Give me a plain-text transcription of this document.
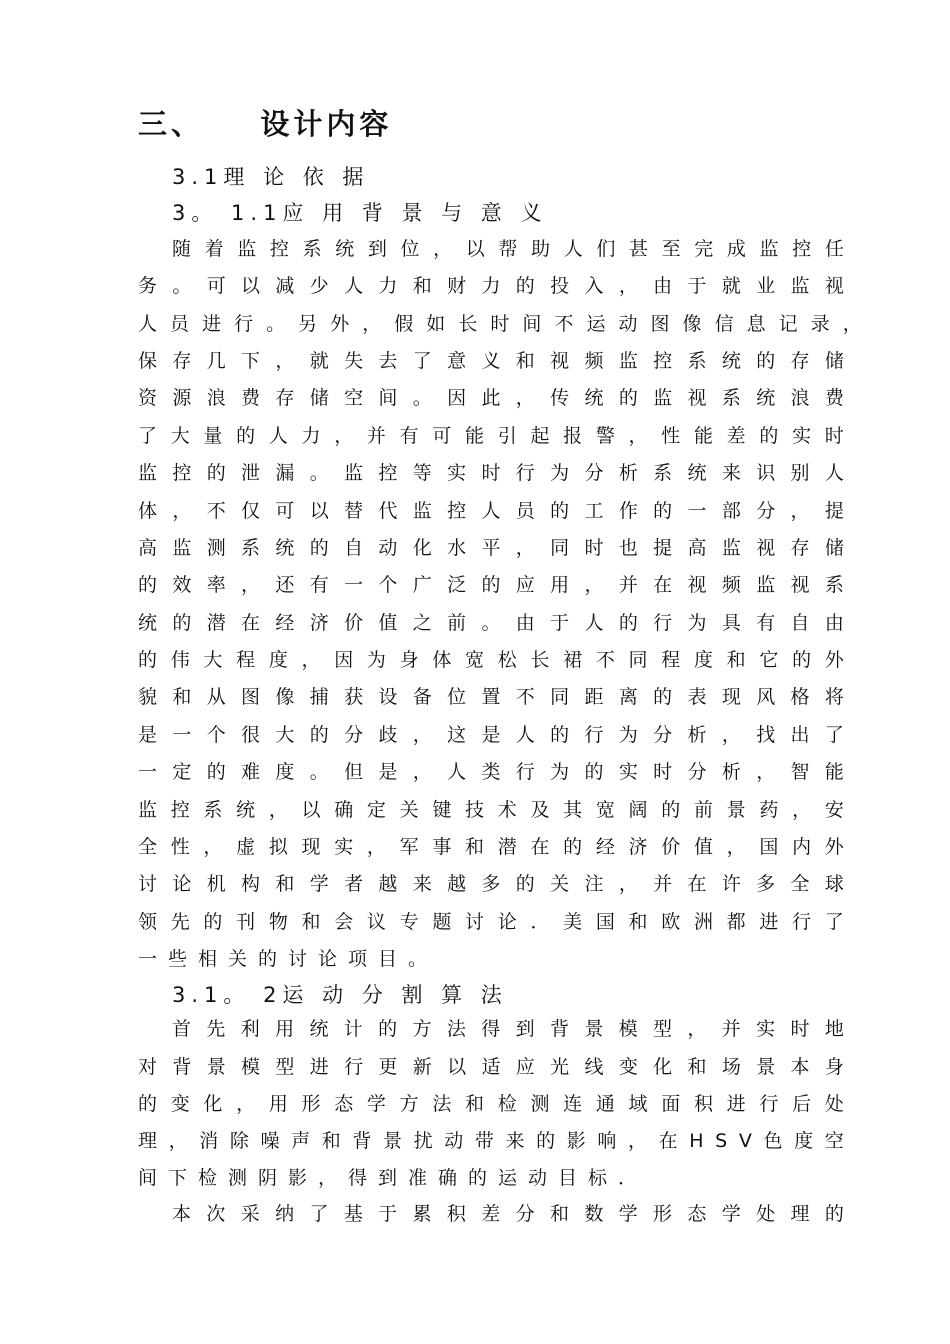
三、    设计内容
3.1理 论 依 据
3。 1.1应 用 背 景 与 意 义
随 着 监 控 系 统 到 位 ， 以 帮 助 人 们 甚 至 完 成 监 控 任
务 。 可 以 减 少 人 力 和 财 力 的 投 入 ， 由 于 就 业 监 视
人 员 进 行 。 另 外 ， 假 如 长 时 间 不 运 动 图 像 信 息 记 录 ，
保 存 几 下 ， 就 失 去 了 意 义 和 视 频 监 控 系 统 的 存 储
资 源 浪 费 存 储 空 间 。 因 此 ， 传 统 的 监 视 系 统 浪 费
了 大 量 的 人 力 ， 并 有 可 能 引 起 报 警 ， 性 能 差 的 实 时
监 控 的 泄 漏 。 监 控 等 实 时 行 为 分 析 系 统 来 识 别 人
体 ， 不 仅 可 以 替 代 监 控 人 员 的 工 作 的 一 部 分 ， 提
高 监 测 系 统 的 自 动 化 水 平 ， 同 时 也 提 高 监 视 存 储
的 效 率 ， 还 有 一 个 广 泛 的 应 用 ， 并 在 视 频 监 视 系
统 的 潜 在 经 济 价 值 之 前 。 由 于 人 的 行 为 具 有 自 由
的 伟 大 程 度 ， 因 为 身 体 宽 松 长 裙 不 同 程 度 和 它 的 外
貌 和 从 图 像 捕 获 设 备 位 置 不 同 距 离 的 表 现 风 格 将
是 一 个 很 大 的 分 歧 ， 这 是 人 的 行 为 分 析 ， 找 出 了
一 定 的 难 度 。 但 是 ， 人 类 行 为 的 实 时 分 析 ， 智 能
监 控 系 统 ， 以 确 定 关 键 技 术 及 其 宽 阔 的 前 景 药 ， 安
全 性 ， 虚 拟 现 实 ， 军 事 和 潜 在 的 经 济 价 值 ， 国 内 外
讨 论 机 构 和 学 者 越 来 越 多 的 关 注 ， 并 在 许 多 全 球
领 先 的 刊 物 和 会 议 专 题 讨 论 ． 美 国 和 欧 洲 都 进 行 了
一些相关的讨论项目。
3.1。 2运 动 分 割 算 法
首 先 利 用 统 计 的 方 法 得 到 背 景 模 型 ， 并 实 时 地
对 背 景 模 型 进 行 更 新 以 适 应 光 线 变 化 和 场 景 本 身
的 变 化 ， 用 形 态 学 方 法 和 检 测 连 通 域 面 积 进 行 后 处
理 ， 消 除 噪 声 和 背 景 扰 动 带 来 的 影 响 ， 在 H S V 色 度 空
间下检测阴影，得到准确的运动目标．
本 次 采 纳 了 基 于 累 积 差 分 和 数 学 形 态 学 处 理 的
